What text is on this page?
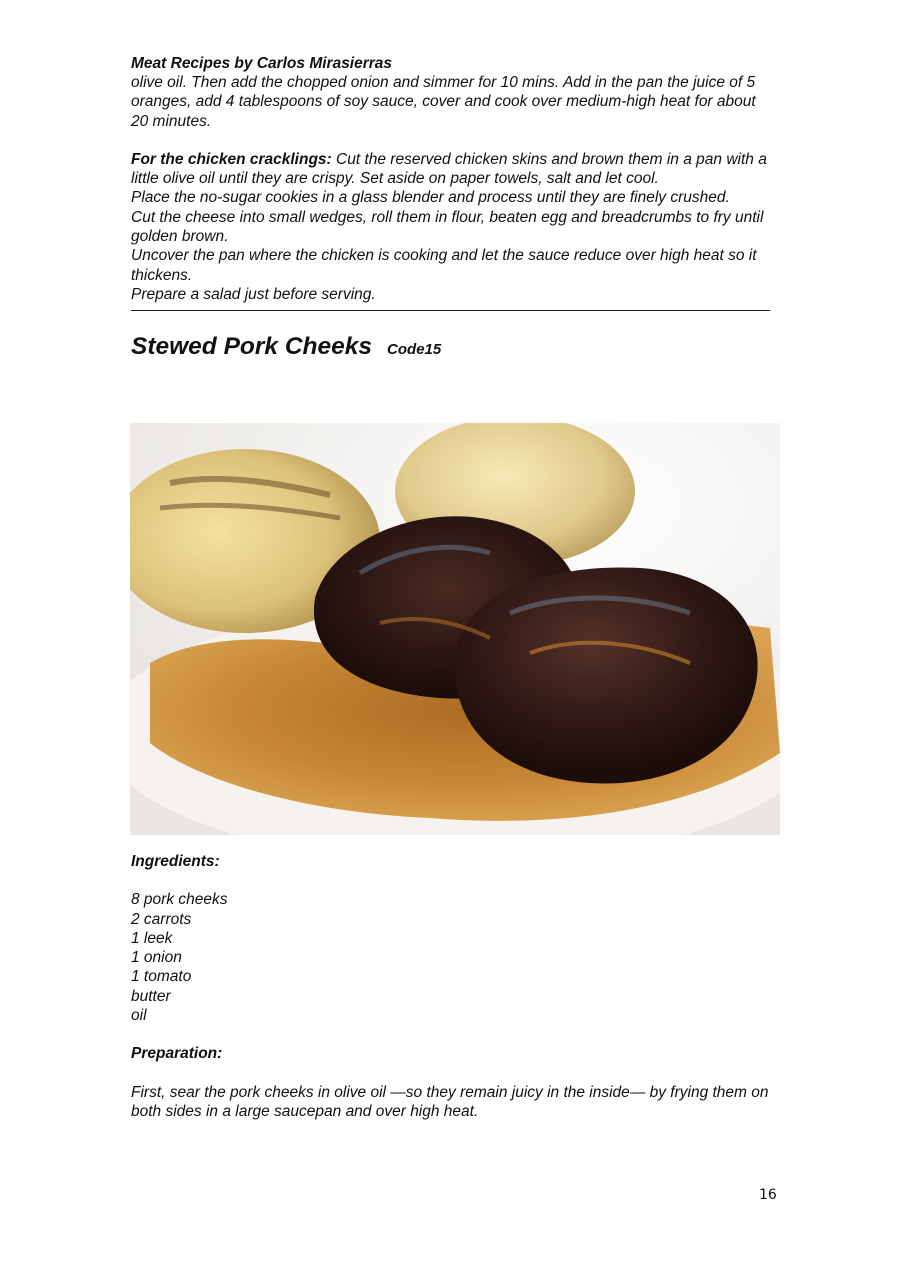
Meat Recipes by Carlos Mirasierras

olive oil. Then add the chopped onion and simmer for 10 mins. Add in the pan the juice of 5 oranges, add 4 tablespoons of soy sauce, cover and cook over medium-high heat for about 20 minutes.

For the chicken cracklings: Cut the reserved chicken skins and brown them in a pan with a little olive oil until they are crispy. Set aside on paper towels, salt and let cool.

Place the no-sugar cookies in a glass blender and process until they are finely crushed.

Cut the cheese into small wedges, roll them in flour, beaten egg and breadcrumbs to fry until golden brown.

Uncover the pan where the chicken is cooking and let the sauce reduce over high heat so it thickens.

Prepare a salad just before serving.

Stewed Pork Cheeks Code15

Ingredients:

8 pork cheeks
2 carrots
1 leek
1 onion
1 tomato
butter
oil

Preparation:

First, sear the pork cheeks in olive oil —so they remain juicy in the inside— by frying them on both sides in a large saucepan and over high heat.

16
